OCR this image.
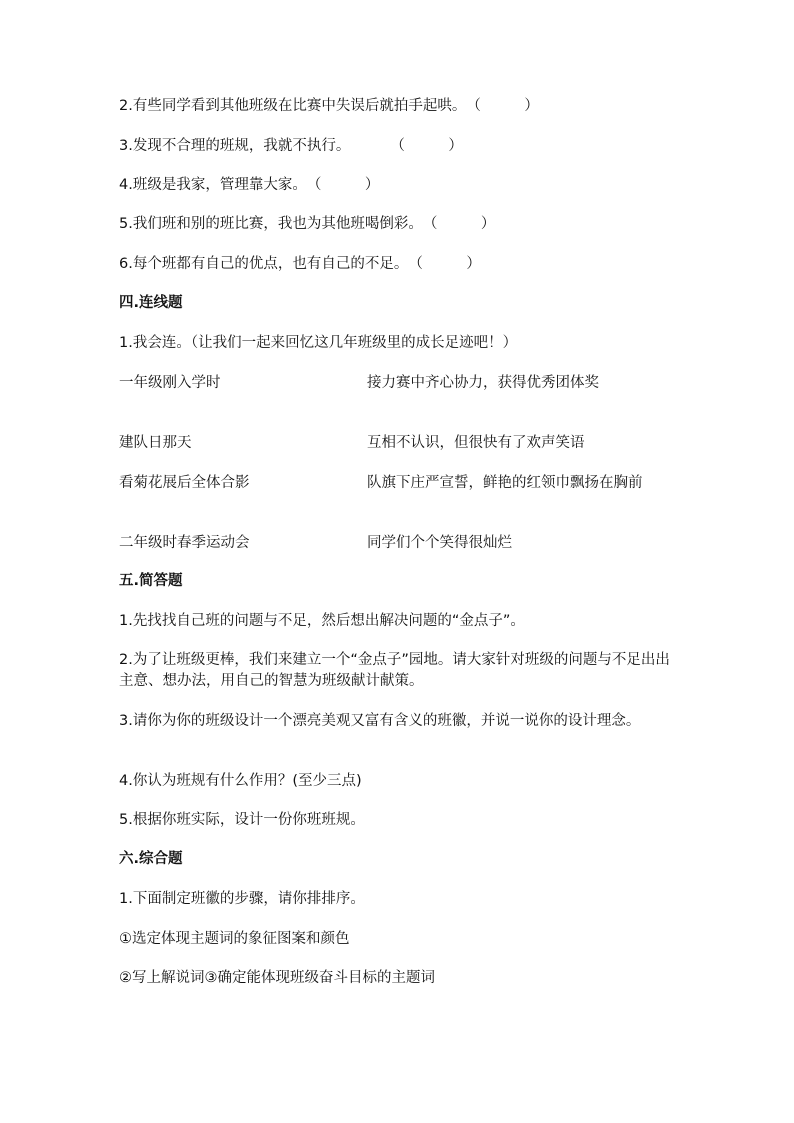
2.有些同学看到其他班级在比赛中失误后就拍手起哄。（　　　）
3.发现不合理的班规，我就不执行。	（　　　）
4.班级是我家，管理靠大家。（　　　）
5.我们班和别的班比赛，我也为其他班喝倒彩。（　　　）
6.每个班都有自己的优点，也有自己的不足。（　　　）
四.连线题
1.我会连。（让我们一起来回忆这几年班级里的成长足迹吧！）
一年级刚入学时	接力赛中齐心协力，获得优秀团体奖
建队日那天	互相不认识，但很快有了欢声笑语
看菊花展后全体合影	队旗下庄严宣誓，鲜艳的红领巾飘扬在胸前
二年级时春季运动会	同学们个个笑得很灿烂
五.简答题
1.先找找自己班的问题与不足，然后想出解决问题的“金点子”。
2.为了让班级更棒，我们来建立一个“金点子”园地。请大家针对班级的问题与不足出出主意、想办法，用自己的智慧为班级献计献策。
3.请你为你的班级设计一个漂亮美观又富有含义的班徽，并说一说你的设计理念。
4.你认为班规有什么作用？(至少三点)
5.根据你班实际，设计一份你班班规。
六.综合题
1.下面制定班徽的步骤，请你排排序。
①选定体现主题词的象征图案和颜色
②写上解说词③确定能体现班级奋斗目标的主题词
